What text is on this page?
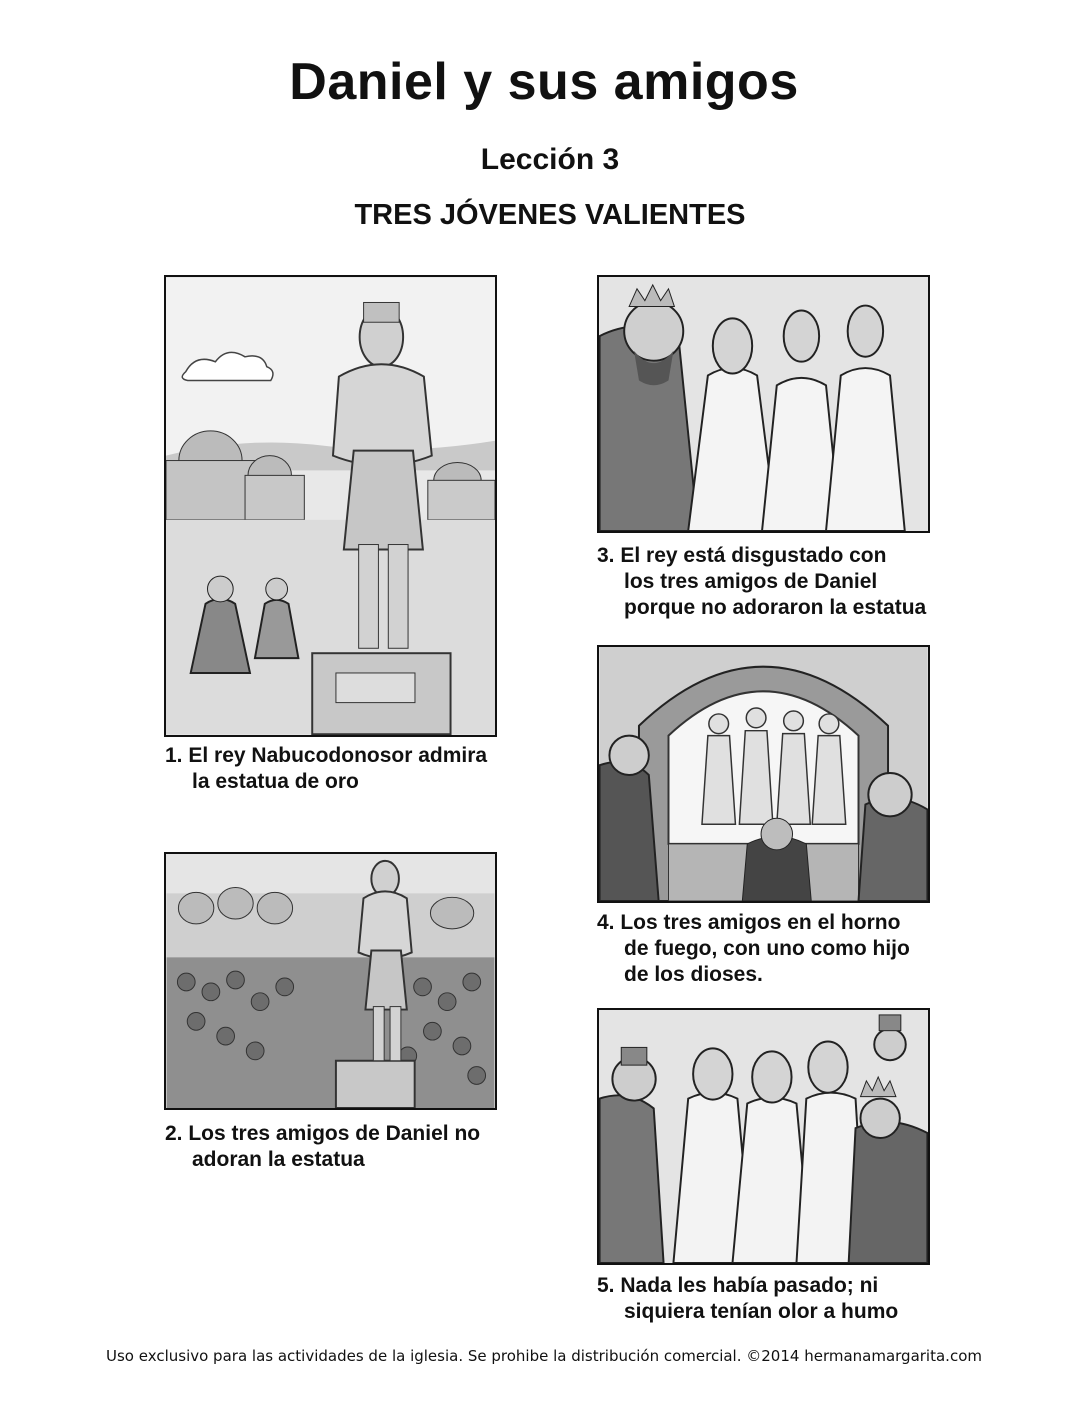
Daniel y sus amigos
Lección 3
TRES JÓVENES VALIENTES
1. El rey Nabucodonosor admira
la estatua de oro
2. Los tres amigos de Daniel no
adoran la estatua
3. El rey está disgustado con
los tres amigos de Daniel
porque no adoraron la estatua
4. Los tres amigos en el horno
de fuego, con uno como hijo
de los dioses.
5. Nada les había pasado; ni
siquiera tenían olor a humo
Uso exclusivo para las actividades de la iglesia. Se prohibe la distribución comercial. ©2014 hermanamargarita.com
